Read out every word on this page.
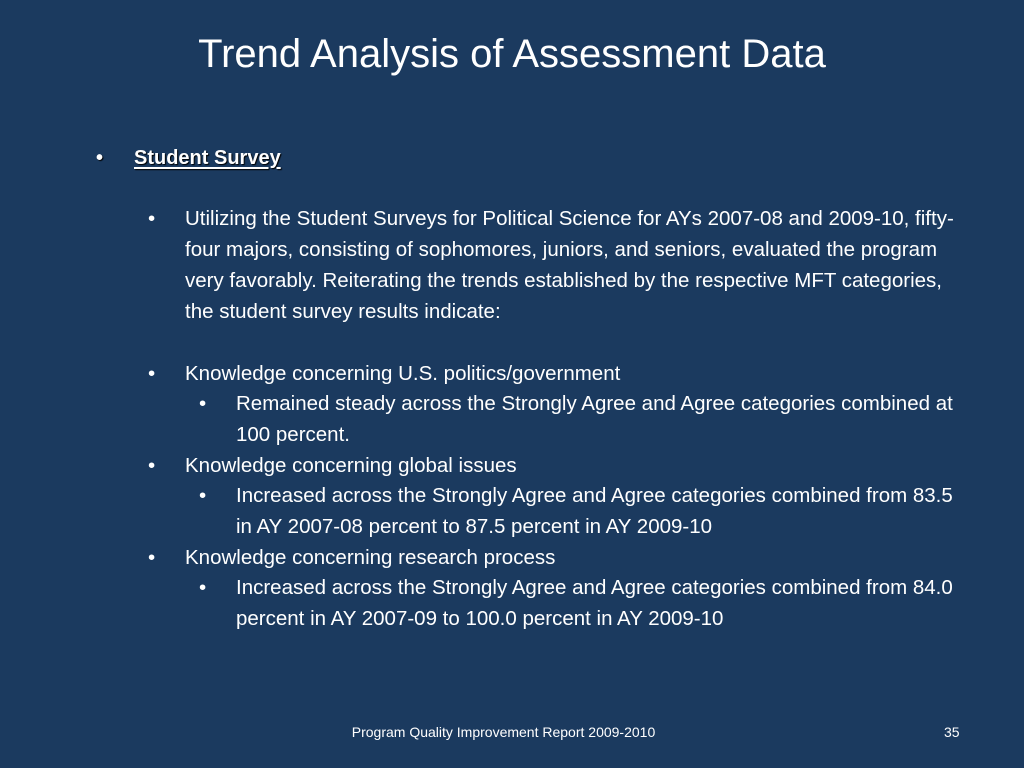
Trend Analysis of Assessment Data
• Student Survey
• Utilizing the Student Surveys for Political Science for AYs 2007-08 and 2009-10, fifty-four majors, consisting of sophomores, juniors, and seniors, evaluated the program very favorably. Reiterating the trends established by the respective MFT categories, the student survey results indicate:
• Knowledge concerning U.S. politics/government
• Remained steady across the Strongly Agree and Agree categories combined at 100 percent.
• Knowledge concerning global issues
• Increased across the Strongly Agree and Agree categories combined from 83.5 in AY 2007-08 percent to 87.5 percent in AY 2009-10
• Knowledge concerning research process
• Increased across the Strongly Agree and Agree categories combined from 84.0 percent in AY 2007-09 to 100.0 percent in AY 2009-10
Program Quality Improvement Report 2009-2010	35
